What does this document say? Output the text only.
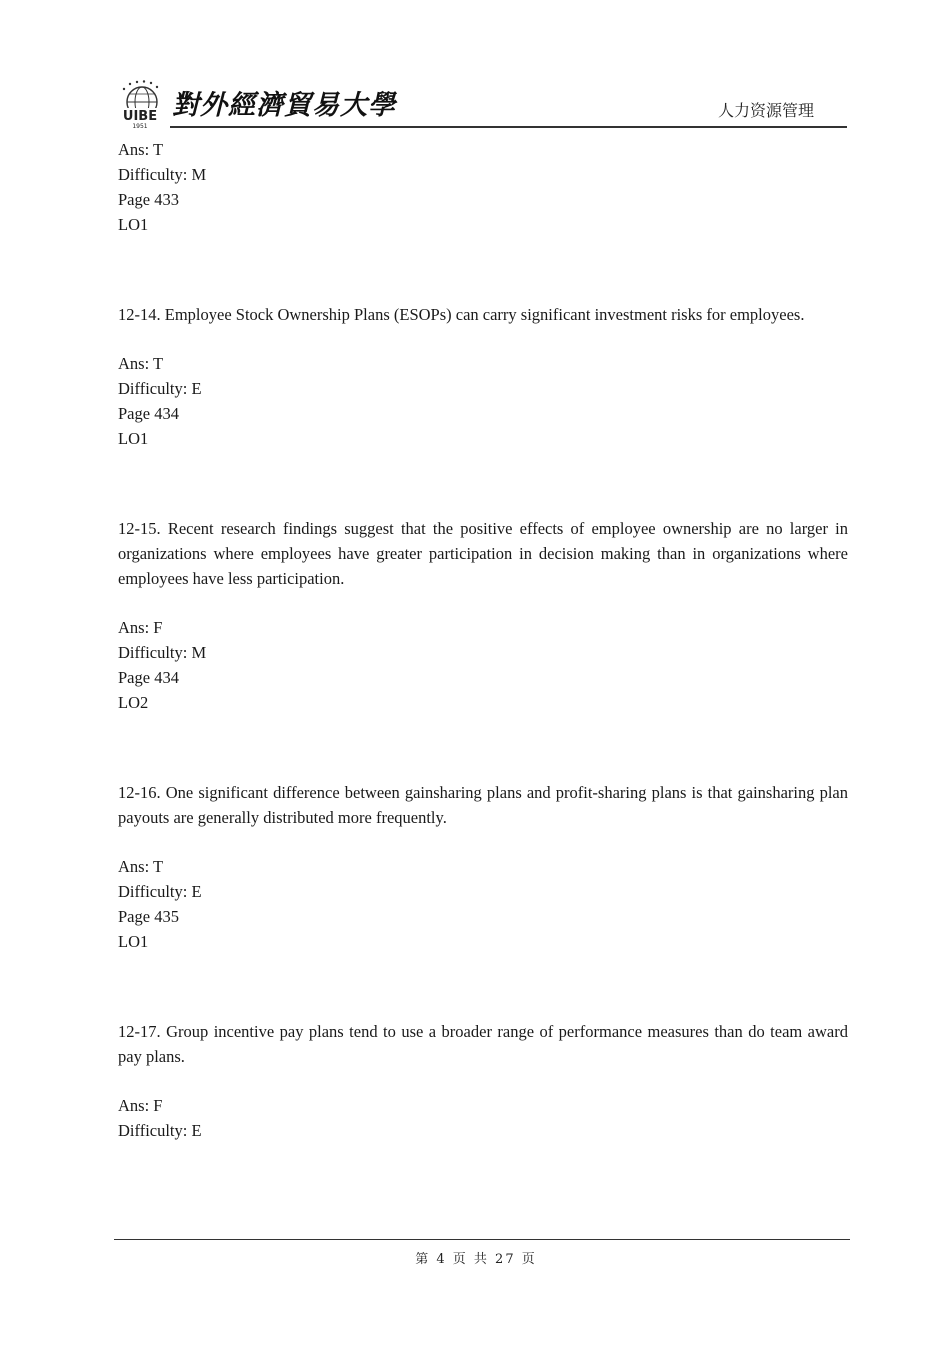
UIBE
1951
對外經濟貿易大學	人力资源管理

Ans: T

Difficulty: M

Page 433

LO1

12-14. Employee Stock Ownership Plans (ESOPs) can carry significant investment risks for employees.

Ans: T

Difficulty: E

Page 434

LO1

12-15. Recent research findings suggest that the positive effects of employee ownership are no larger in organizations where employees have greater participation in decision making than in organizations where employees have less participation.

Ans: F

Difficulty: M

Page 434

LO2

12-16. One significant difference between gainsharing plans and profit-sharing plans is that gainsharing plan payouts are generally distributed more frequently.

Ans: T

Difficulty: E

Page 435

LO1

12-17. Group incentive pay plans tend to use a broader range of performance measures than do team award pay plans.

Ans: F

Difficulty: E

第 4 页 共 27 页
